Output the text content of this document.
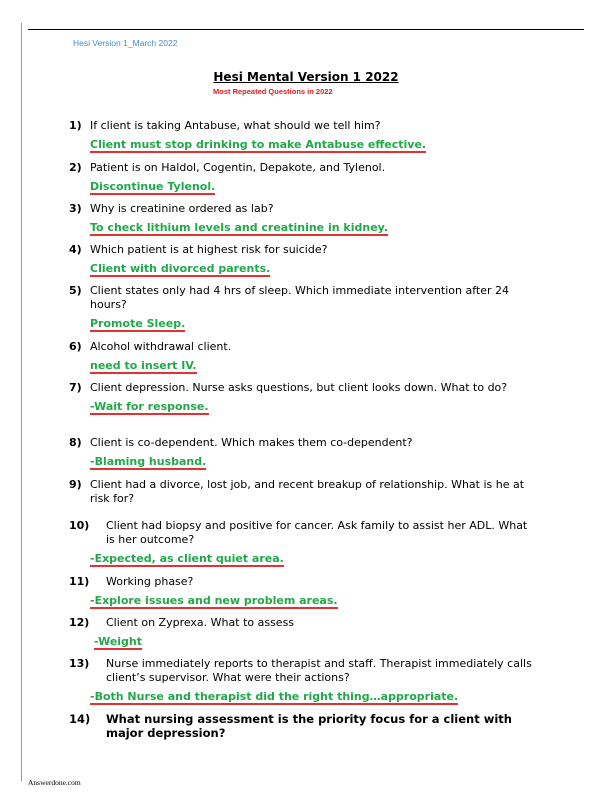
Hesi Version 1_March 2022
Hesi Mental Version 1 2022
Most Repeated Questions in 2022
1) If client is taking Antabuse, what should we tell him?
Client must stop drinking to make Antabuse effective.
2) Patient is on Haldol, Cogentin, Depakote, and Tylenol.
Discontinue Tylenol.
3) Why is creatinine ordered as lab?
To check lithium levels and creatinine in kidney.
4) Which patient is at highest risk for suicide?
Client with divorced parents.
5) Client states only had 4 hrs of sleep. Which immediate intervention after 24 hours?
Promote Sleep.
6) Alcohol withdrawal client.
need to insert IV.
7) Client depression. Nurse asks questions, but client looks down. What to do?
-Wait for response.
8) Client is co-dependent. Which makes them co-dependent?
-Blaming husband.
9) Client had a divorce, lost job, and recent breakup of relationship. What is he at risk for?
10)	Client had biopsy and positive for cancer. Ask family to assist her ADL. What is her outcome?
-Expected, as client quiet area.
11)	Working phase?
-Explore issues and new problem areas.
12)	Client on Zyprexa. What to assess
-Weight
13)	Nurse immediately reports to therapist and staff. Therapist immediately calls client’s supervisor. What were their actions?
-Both Nurse and therapist did the right thing…appropriate.
14)	What nursing assessment is the priority focus for a client with major depression?
Answerdone.com
